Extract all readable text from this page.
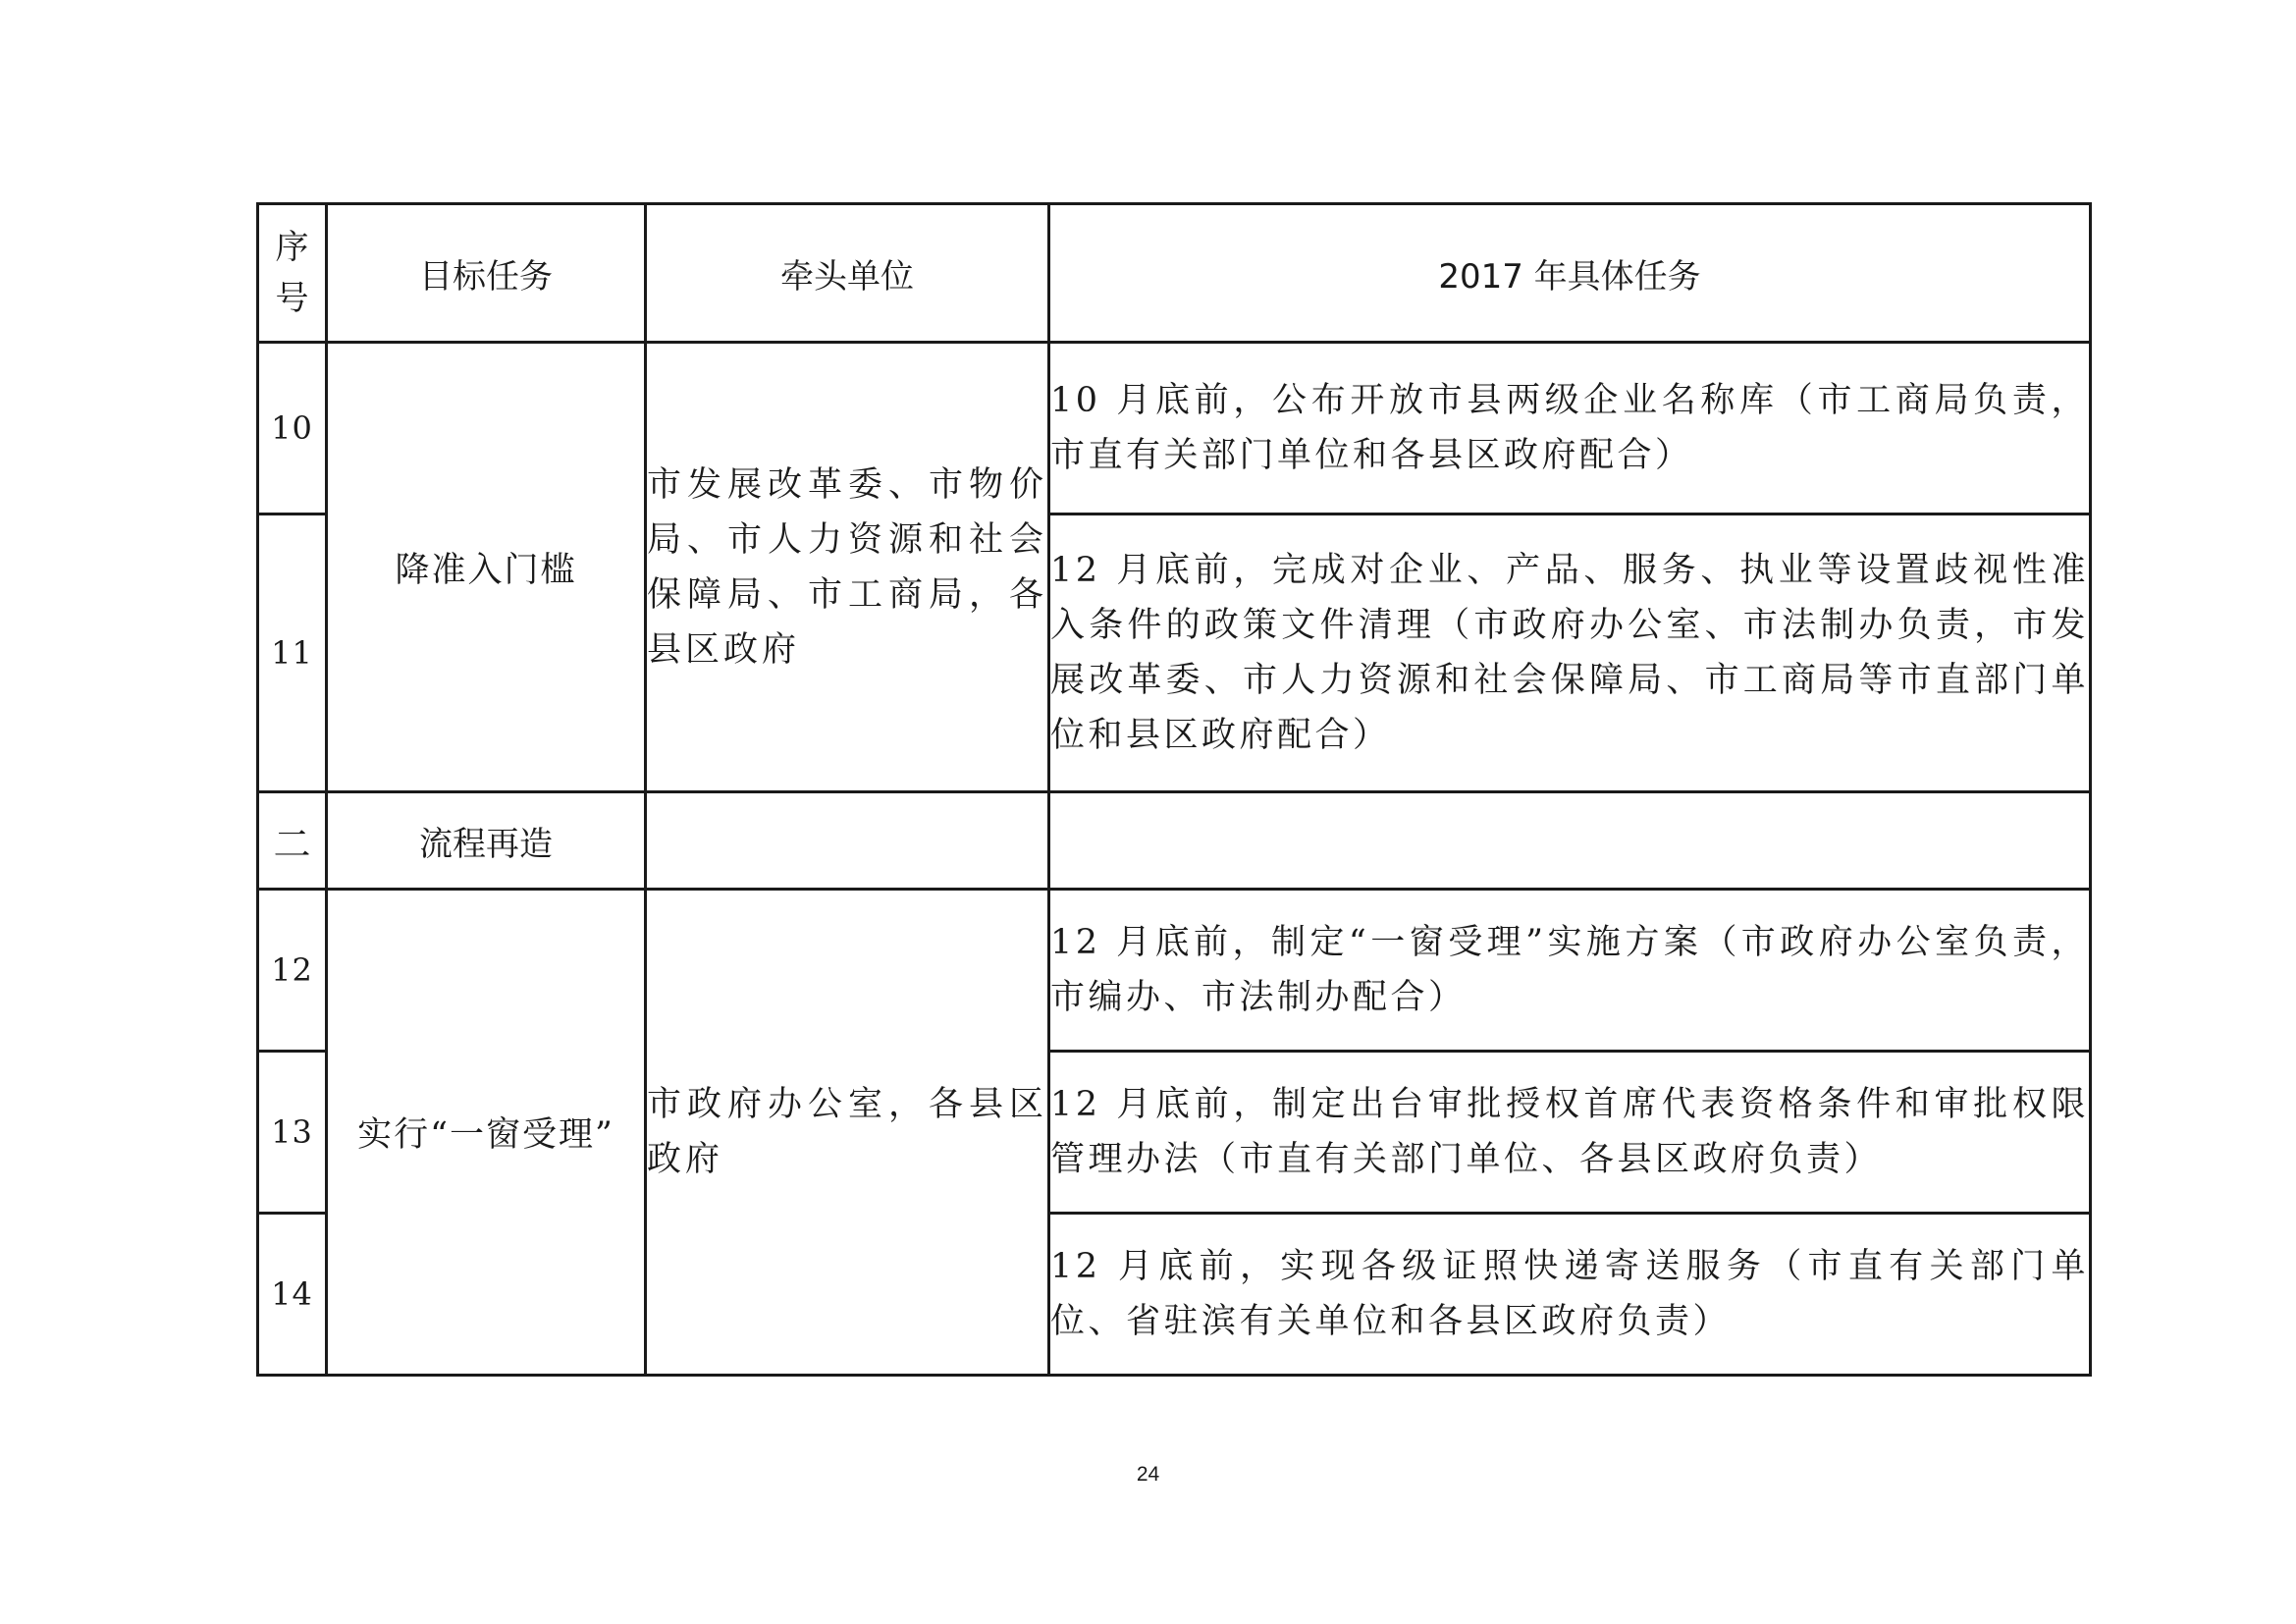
序
号	目标任务	牵头单位	2017 年具体任务
10	降准入门槛	市发展改革委、市物价局、市人力资源和社会保障局、市工商局，各县区政府	10 月底前，公布开放市县两级企业名称库（市工商局负责，市直有关部门单位和各县区政府配合）
11			12 月底前，完成对企业、产品、服务、执业等设置歧视性准入条件的政策文件清理（市政府办公室、市法制办负责，市发展改革委、市人力资源和社会保障局、市工商局等市直部门单位和县区政府配合）
二	流程再造		
12	实行“一窗受理”	市政府办公室，各县区政府	12 月底前，制定“一窗受理”实施方案（市政府办公室负责，市编办、市法制办配合）
13			12 月底前，制定出台审批授权首席代表资格条件和审批权限管理办法（市直有关部门单位、各县区政府负责）
14			12 月底前，实现各级证照快递寄送服务（市直有关部门单位、省驻滨有关单位和各县区政府负责）
24
